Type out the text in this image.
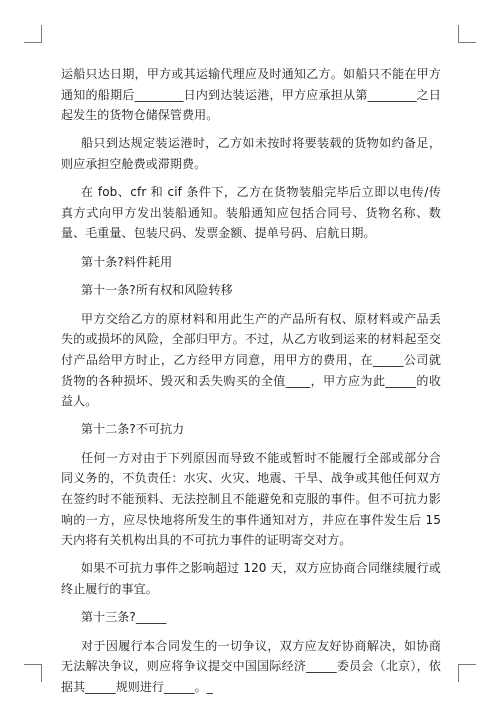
运船只达日期，甲方或其运输代理应及时通知乙方。如船只不能在甲方通知的船期后________日内到达装运港，甲方应承担从第________之日起发生的货物仓储保管费用。

船只到达规定装运港时，乙方如未按时将要装载的货物如约备足，则应承担空舱费或滞期费。

在 fob、cfr 和 cif 条件下，乙方在货物装船完毕后立即以电传/传真方式向甲方发出装船通知。装船通知应包括合同号、货物名称、数量、毛重量、包装尺码、发票金额、提单号码、启航日期。

第十条?料件耗用

第十一条?所有权和风险转移

甲方交给乙方的原材料和用此生产的产品所有权、原材料或产品丢失的或损坏的风险，全部归甲方。不过，从乙方收到运来的材料起至交付产品给甲方时止，乙方经甲方同意，用甲方的费用，在_____公司就货物的各种损坏、毁灭和丢失购买的全值____，甲方应为此_____的收益人。

第十二条?不可抗力

任何一方对由于下列原因而导致不能或暂时不能履行全部或部分合同义务的，不负责任：水灾、火灾、地震、干旱、战争或其他任何双方在签约时不能预料、无法控制且不能避免和克服的事件。但不可抗力影响的一方，应尽快地将所发生的事件通知对方，并应在事件发生后 15 天内将有关机构出具的不可抗力事件的证明寄交对方。

如果不可抗力事件之影响超过 120 天，双方应协商合同继续履行或终止履行的事宜。

第十三条?_____

对于因履行本合同发生的一切争议，双方应友好协商解决，如协商无法解决争议，则应将争议提交中国国际经济_____委员会（北京），依据其_____规则进行_____。_
